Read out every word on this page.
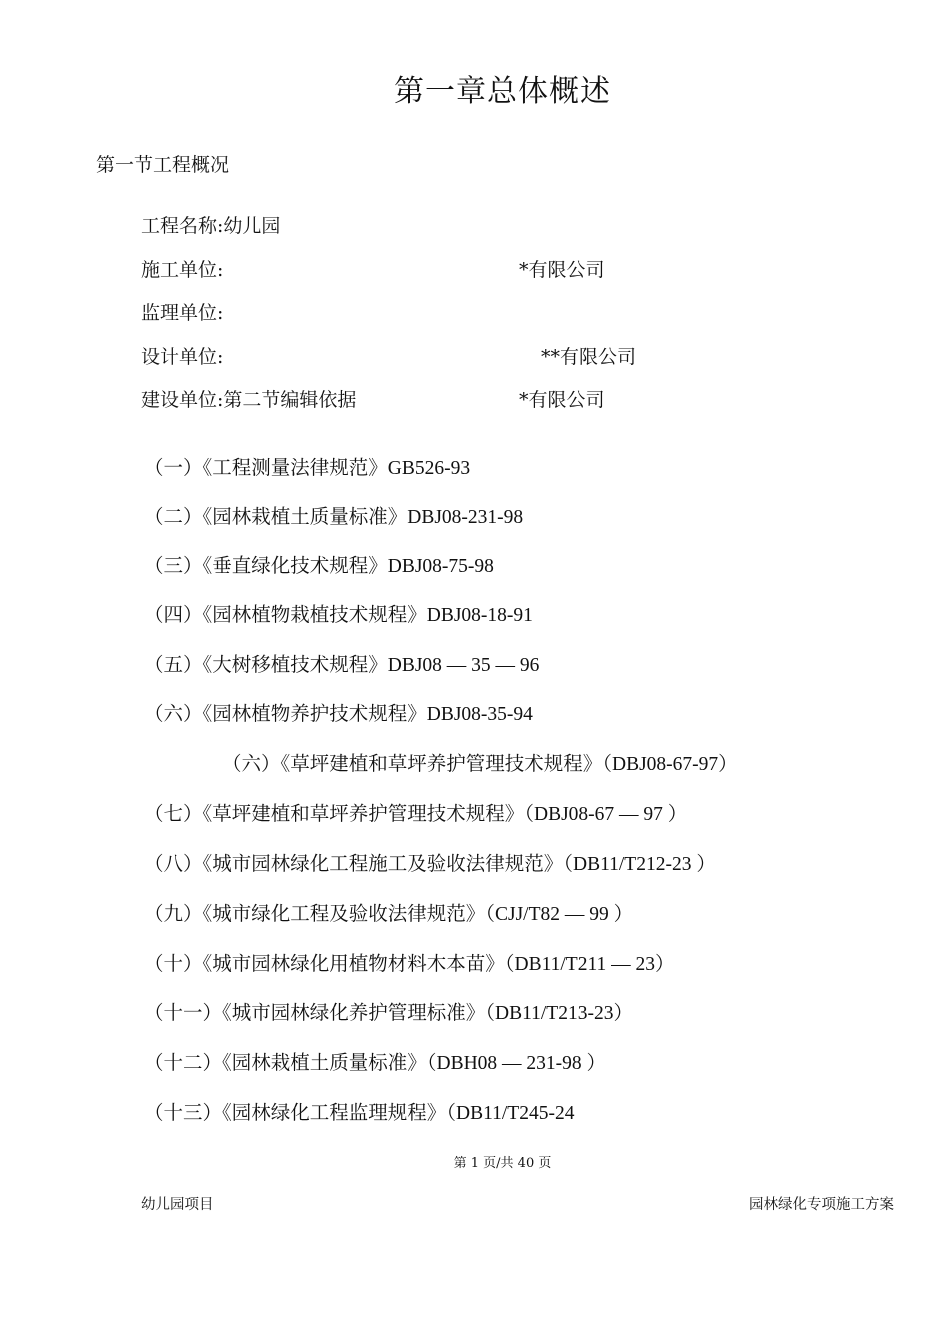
第一章总体概述
第一节工程概况
工程名称:幼儿园
施工单位:	*有限公司
监理单位:
设计单位:	**有限公司
建设单位:第二节编辑依据	*有限公司
（一）《工程测量法律规范》GB526-93
（二）《园林栽植土质量标准》DBJ08-231-98
（三）《垂直绿化技术规程》DBJ08-75-98
（四）《园林植物栽植技术规程》DBJ08-18-91
（五）《大树移植技术规程》DBJ08 — 35 — 96
（六）《园林植物养护技术规程》DBJ08-35-94
（六）《草坪建植和草坪养护管理技术规程》（DBJ08-67-97）
（七）《草坪建植和草坪养护管理技术规程》（DBJ08-67 — 97 ）
（八）《城市园林绿化工程施工及验收法律规范》（DB11/T212-23 ）
（九）《城市绿化工程及验收法律规范》（CJJ/T82 — 99 ）
（十）《城市园林绿化用植物材料木本苗》（DB11/T211 — 23）
（十一）《城市园林绿化养护管理标准》（DB11/T213-23）
（十二）《园林栽植土质量标准》（DBH08 — 231-98 ）
（十三）《园林绿化工程监理规程》（DB11/T245-24
第 1 页/共 40 页
幼儿园项目	园林绿化专项施工方案
